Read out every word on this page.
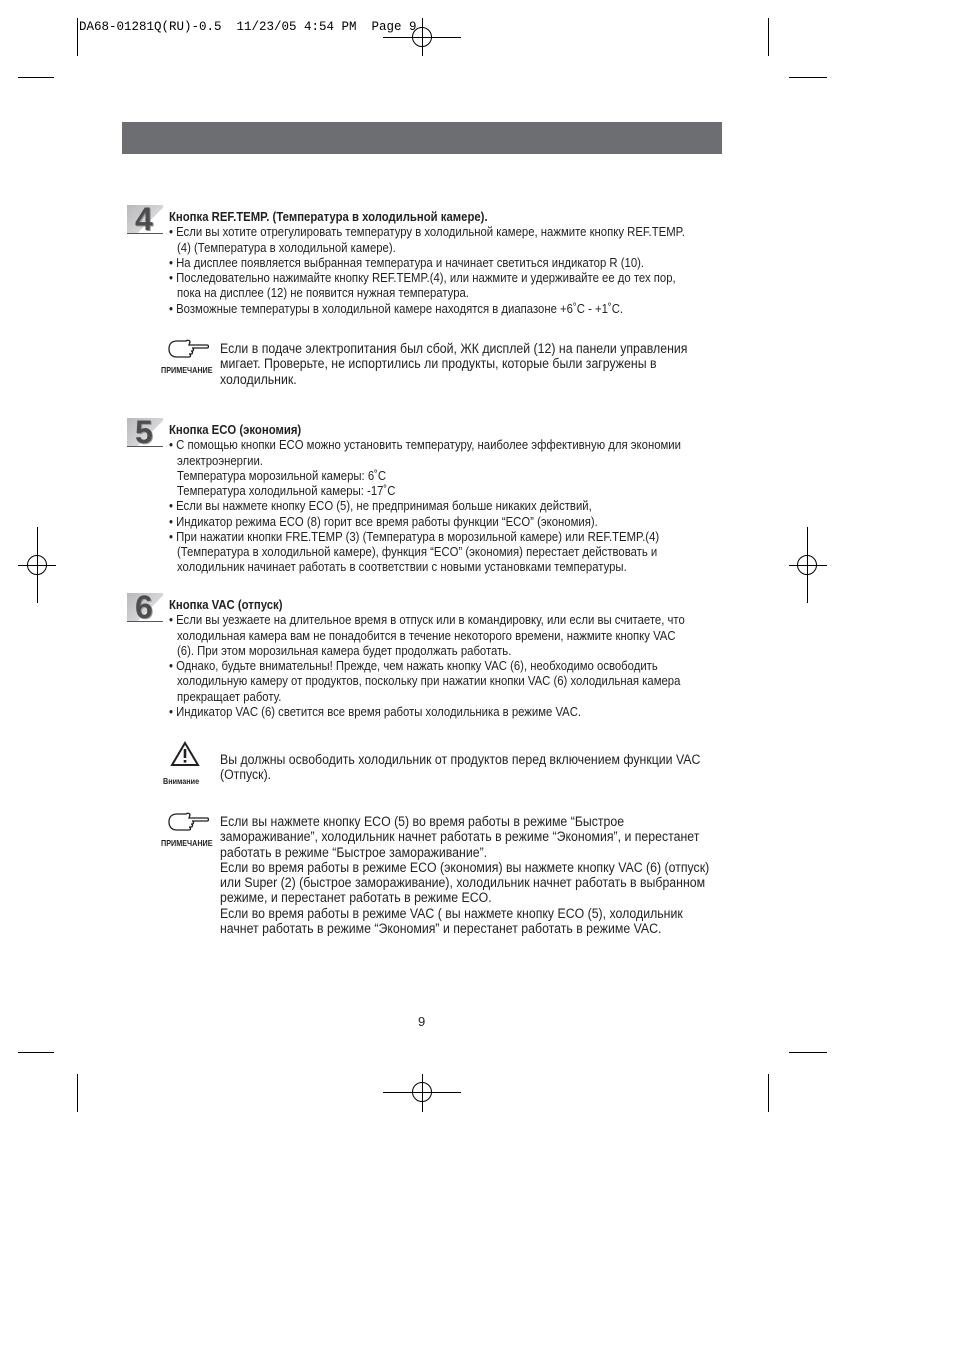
DA68-01281Q(RU)-0.5  11/23/05 4:54 PM  Page 9
4 Кнопка REF.TEMP. (Температура в холодильной камере).
• Если вы хотите отрегулировать температуру в холодильной камере, нажмите кнопку REF.TEMP.
(4) (Температура в холодильной камере).
• На дисплее появляется выбранная температура и начинает светиться индикатор R (10).
• Последовательно нажимайте кнопку REF.TEMP.(4), или нажмите и удерживайте ее до тех пор,
пока на дисплее (12) не появится нужная температура.
• Возможные температуры в холодильной камере находятся в диапазоне +6˚C - +1˚C.
5 Кнопка ECO (экономия)
• С помощью кнопки ECO можно установить температуру, наиболее эффективную для экономии
электроэнергии.
Температура морозильной камеры: 6˚C
Температура холодильной камеры: -17˚C
• Если вы нажмете кнопку ECO (5), не предпринимая больше никаких действий,
• Индикатор режима ECO (8) горит все время работы функции “ECO” (экономия).
• При нажатии кнопки FRE.TEMP (3) (Температура в морозильной камере) или REF.TEMP.(4)
(Температура в холодильной камере), функция “ECO” (экономия) перестает действовать и
холодильник начинает работать в соответствии с новыми установками температуры.
6 Кнопка VAC (отпуск)
• Если вы уезжаете на длительное время в отпуск или в командировку, или если вы считаете, что
холодильная камера вам не понадобится в течение некоторого времени, нажмите кнопку VAC
(6). При этом морозильная камера будет продолжать работать.
• Однако, будьте внимательны! Прежде, чем нажать кнопку VAC (6), необходимо освободить
холодильную камеру от продуктов, поскольку при нажатии кнопки VAC (6) холодильная камера
прекращает работу.
• Индикатор VAC (6) светится все время работы холодильника в режиме VAC.
ПРИМЕЧАНИЕ
Если в подаче электропитания был сбой, ЖК дисплей (12) на панели управления
мигает. Проверьте, не испортились ли продукты, которые были загружены в
холодильник.
Внимание
Вы должны освободить холодильник от продуктов перед включением функции VAC
(Отпуск).
ПРИМЕЧАНИЕ
Если вы нажмете кнопку ECO (5) во время работы в режиме “Быстрое
замораживание”, холодильник начнет работать в режиме “Экономия”, и перестанет
работать в режиме “Быстрое замораживание”.
Если во время работы в режиме ECO (экономия) вы нажмете кнопку VAC (6) (отпуск)
или Super (2) (быстрое замораживание), холодильник начнет работать в выбранном
режиме, и перестанет работать в режиме ECO.
Если во время работы в режиме VAC ( вы нажмете кнопку ECO (5), холодильник
начнет работать в режиме “Экономия” и перестанет работать в режиме VAC.
9
